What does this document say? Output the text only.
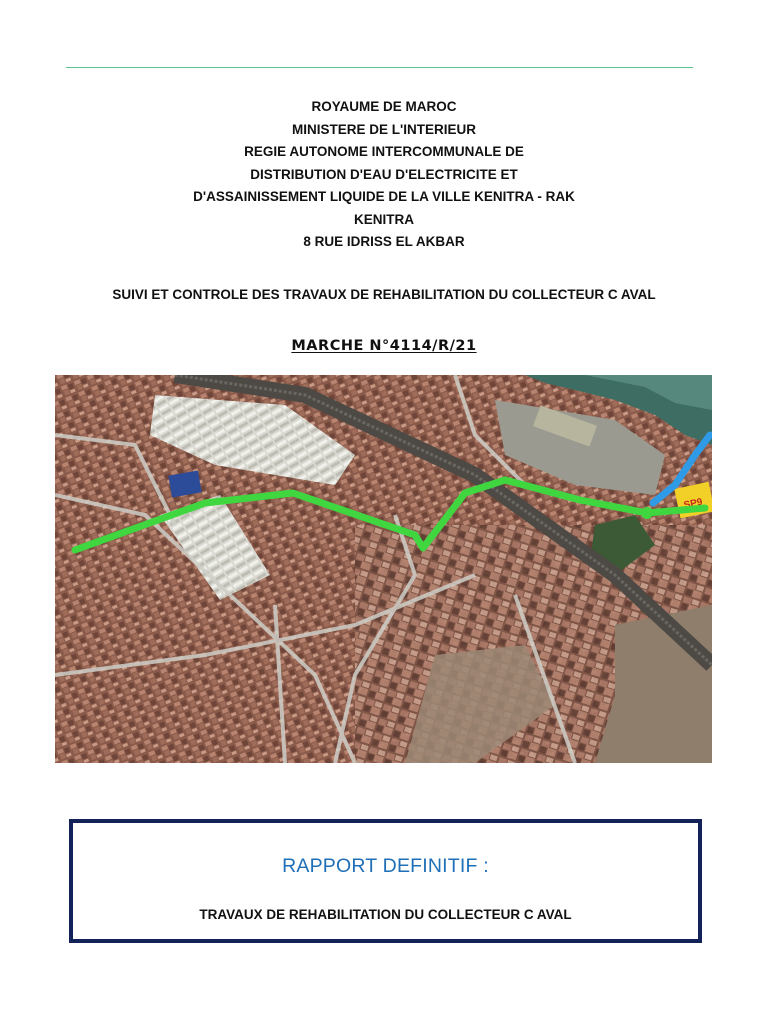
ROYAUME DE MAROC
MINISTERE DE L'INTERIEUR
REGIE AUTONOME INTERCOMMUNALE DE
DISTRIBUTION D'EAU D'ELECTRICITE ET
D'ASSAINISSEMENT LIQUIDE DE LA VILLE KENITRA - RAK
KENITRA
8 RUE IDRISS EL AKBAR
SUIVI ET CONTROLE DES TRAVAUX DE REHABILITATION DU COLLECTEUR C AVAL
MARCHE N°4114/R/21
SP9
RAPPORT DEFINITIF :
TRAVAUX DE REHABILITATION DU COLLECTEUR C AVAL
